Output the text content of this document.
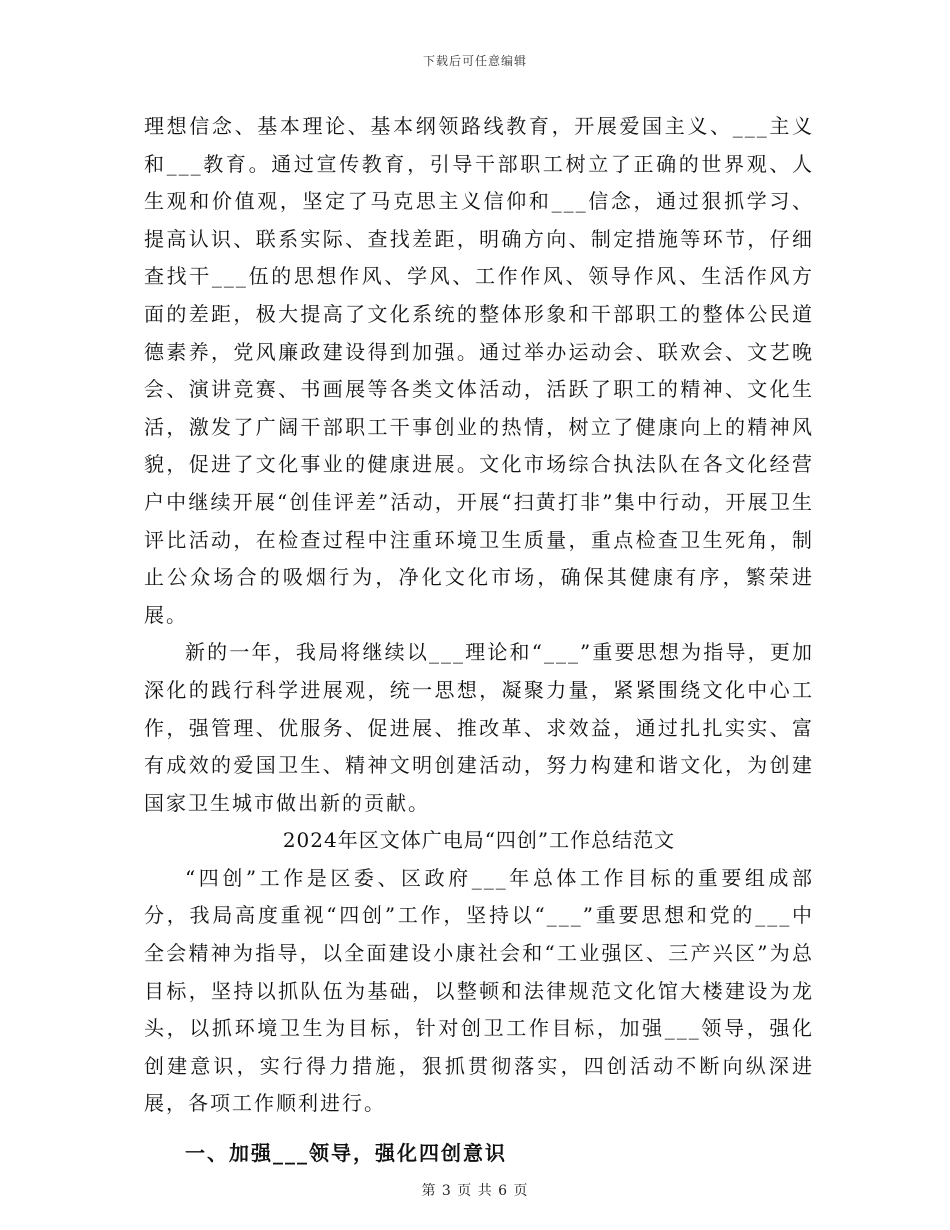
下载后可任意编辑

理想信念、基本理论、基本纲领路线教育，开展爱国主义、___主义和___教育。通过宣传教育，引导干部职工树立了正确的世界观、人生观和价值观，坚定了马克思主义信仰和___信念，通过狠抓学习、提高认识、联系实际、查找差距，明确方向、制定措施等环节，仔细查找干___伍的思想作风、学风、工作作风、领导作风、生活作风方面的差距，极大提高了文化系统的整体形象和干部职工的整体公民道德素养，党风廉政建设得到加强。通过举办运动会、联欢会、文艺晚会、演讲竞赛、书画展等各类文体活动，活跃了职工的精神、文化生活，激发了广阔干部职工干事创业的热情，树立了健康向上的精神风貌，促进了文化事业的健康进展。文化市场综合执法队在各文化经营户中继续开展“创佳评差”活动，开展“扫黄打非”集中行动，开展卫生评比活动，在检查过程中注重环境卫生质量，重点检查卫生死角，制止公众场合的吸烟行为，净化文化市场，确保其健康有序，繁荣进展。

新的一年，我局将继续以___理论和“___”重要思想为指导，更加深化的践行科学进展观，统一思想，凝聚力量，紧紧围绕文化中心工作，强管理、优服务、促进展、推改革、求效益，通过扎扎实实、富有成效的爱国卫生、精神文明创建活动，努力构建和谐文化，为创建国家卫生城市做出新的贡献。

2024年区文体广电局“四创”工作总结范文

“四创”工作是区委、区政府___年总体工作目标的重要组成部分，我局高度重视“四创”工作，坚持以“___”重要思想和党的___中全会精神为指导，以全面建设小康社会和“工业强区、三产兴区”为总目标，坚持以抓队伍为基础，以整顿和法律规范文化馆大楼建设为龙头，以抓环境卫生为目标，针对创卫工作目标，加强___领导，强化创建意识，实行得力措施，狠抓贯彻落实，四创活动不断向纵深进展，各项工作顺利进行。

一、加强___领导，强化四创意识

第 3 页 共 6 页
